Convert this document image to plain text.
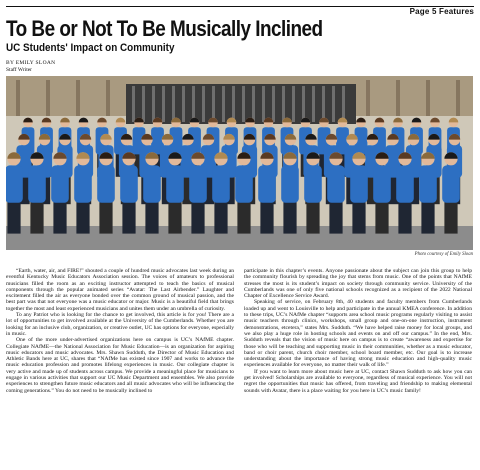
Page 5 Features
To Be or Not To Be Musically Inclined
UC Students' Impact on Community
BY EMILY SLOAN
Staff Writer
Photo courtesy of Emily Sloan

“Earth, water, air, and FIRE!” shouted a couple of hundred music advocates last week during an eventful Kentucky Music Educators Association session. The voices of amateurs to professional musicians filled the room as an exciting instructor attempted to teach the basics of musical components through the popular animated series “Avatar: The Last Airbender.” Laughter and excitement filled the air as everyone bonded over the common ground of musical passion, and the best part was that not everyone was a music educator or major. Music is a beautiful field that brings together the most and least experienced musicians and unites them under an umbrella of curiosity.

To any Patriot who is looking for the chance to get involved, this article is for you! There are a lot of opportunities to get involved available at the University of the Cumberlands. Whether you are looking for an inclusive club, organization, or creative outlet, UC has options for everyone, especially in music.

One of the more under-advertised organizations here on campus is UC’s NAfME chapter. Collegiate NAfME—the National Association for Music Education—is an organization for aspiring music educators and music advocates. Mrs. Shawn Sudduth, the Director of Music Education and Athletic Bands here at UC, shares that “NAfMe has existed since 1907 and works to advance the music education profession and promotes lifelong experiences in music. Our collegiate chapter is very active and made up of students across campus. We provide a meaningful place for musicians to engage in various activities that support our UC Music Department and ensembles. We also provide experiences to strengthen future music educators and all music advocates who will be influencing the coming generations.” You do not need to be musically inclined to

participate in this chapter’s events. Anyone passionate about the subject can join this group to help the community flourish by spreading the joy that stems from music. One of the points that NAfME stresses the most is its student’s impact on society through community service. University of the Cumberlands was one of only five national schools recognized as a recipient of the 2022 National Chapter of Excellence Service Award.

Speaking of service, on February 8th, 40 students and faculty members from Cumberlands loaded up and went to Louisville to help and participate in the annual KMEA conference. In addition to these trips, UC’s NAfMe chapter “supports area school music programs regularly visiting to assist music teachers through clinics, workshops, small group and one-on-one instruction, instrument demonstrations, etcetera,” states Mrs. Sudduth. “We have helped raise money for local groups, and we also play a huge role in hosting schools and events on and off our campus.” In the end, Mrs. Sudduth reveals that the vision of music here on campus is to create “awareness and expertise for those who will be teaching and supporting music in their communities, whether as a music educator, band or choir parent, church choir member, school board member, etc. Our goal is to increase understanding about the importance of having strong music education and high-quality music experiences available for everyone, no matter their walk of life.”

If you want to learn more about music here at UC, contact Shawn Sudduth to ask how you can get involved! Scholarships are available to everyone, regardless of musical experience. You will not regret the opportunities that music has offered, from traveling and friendship to making elemental sounds with Avatar, there is a place waiting for you here in UC’s music family!
